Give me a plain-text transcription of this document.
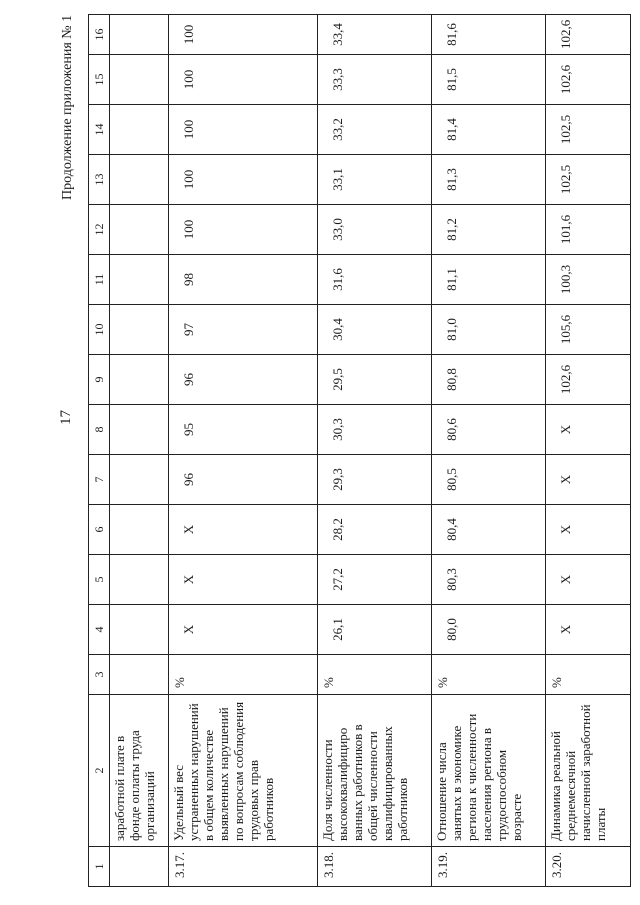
17
Продолжение приложения № 1
1	2	3	4	5	6	7	8	9	10	11	12	13	14	15	16
	заработной плате в фонде оплаты труда организаций														
3.17.	Удельный вес устраненных нарушений в общем количестве выявленных нарушений по вопросам соблюдения трудовых прав работников	%	X	X	X	96	95	96	97	98	100	100	100	100	100
3.18.	Доля численности высококвалифициро ванных работников в общей численности квалифицированных работников	%	26,1	27,2	28,2	29,3	30,3	29,5	30,4	31,6	33,0	33,1	33,2	33,3	33,4
3.19.	Отношение числа занятых в экономике региона к численности населения региона в трудоспособном возрасте	%	80,0	80,3	80,4	80,5	80,6	80,8	81,0	81,1	81,2	81,3	81,4	81,5	81,6
3.20.	Динамика реальной среднемесячной начисленной заработной платы	%	X	X	X	X	X	102,6	105,6	100,3	101,6	102,5	102,5	102,6	102,6
